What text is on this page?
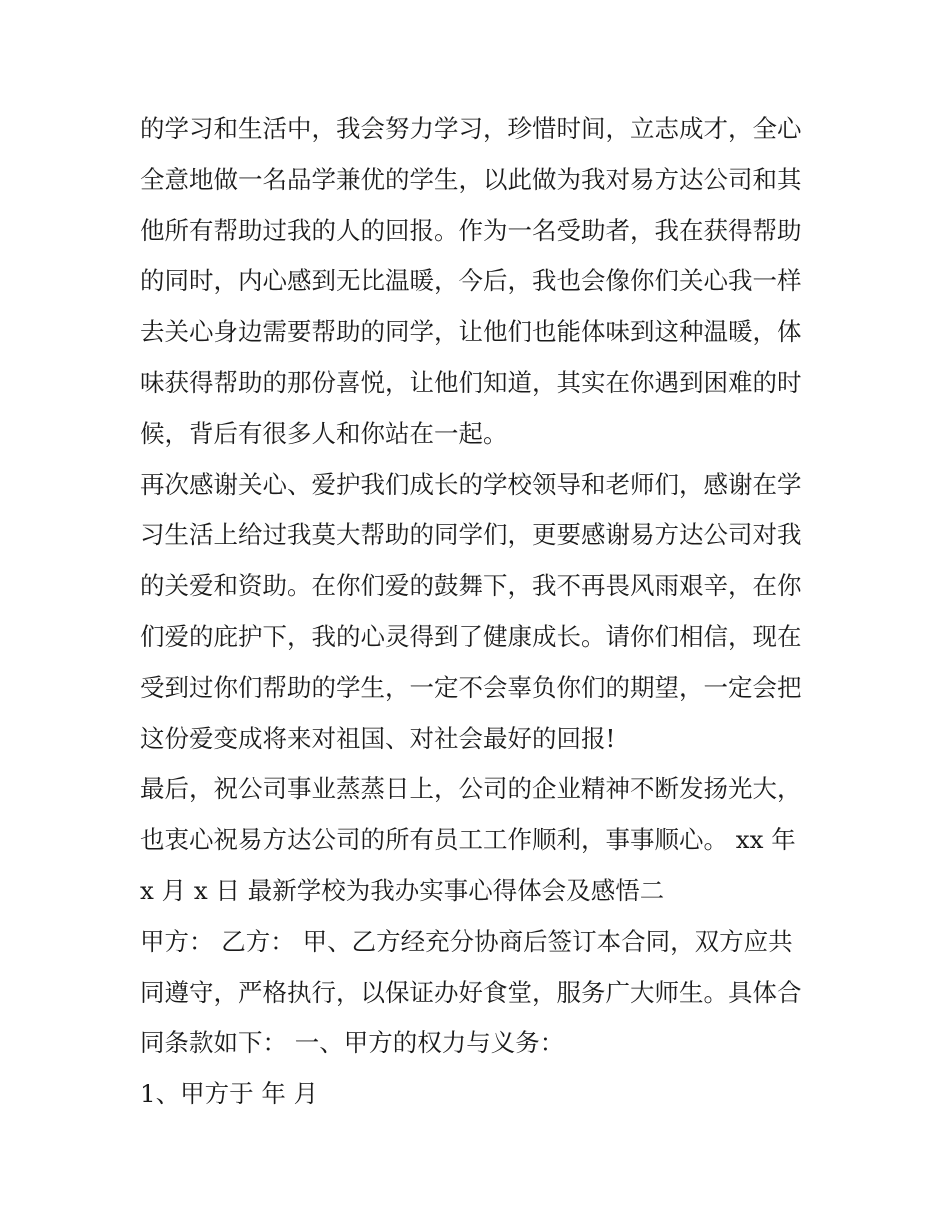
的学习和生活中，我会努力学习，珍惜时间，立志成才，全心
全意地做一名品学兼优的学生，以此做为我对易方达公司和其
他所有帮助过我的人的回报。作为一名受助者，我在获得帮助
的同时，内心感到无比温暖，今后，我也会像你们关心我一样
去关心身边需要帮助的同学，让他们也能体味到这种温暖，体
味获得帮助的那份喜悦，让他们知道，其实在你遇到困难的时
候，背后有很多人和你站在一起。
再次感谢关心、爱护我们成长的学校领导和老师们，感谢在学
习生活上给过我莫大帮助的同学们，更要感谢易方达公司对我
的关爱和资助。在你们爱的鼓舞下，我不再畏风雨艰辛，在你
们爱的庇护下，我的心灵得到了健康成长。请你们相信，现在
受到过你们帮助的学生，一定不会辜负你们的期望，一定会把
这份爱变成将来对祖国、对社会最好的回报!
最后，祝公司事业蒸蒸日上，公司的企业精神不断发扬光大，
也衷心祝易方达公司的所有员工工作顺利，事事顺心。 xx 年
x 月 x 日 最新学校为我办实事心得体会及感悟二
甲方： 乙方： 甲、乙方经充分协商后签订本合同，双方应共
同遵守，严格执行，以保证办好食堂，服务广大师生。具体合
同条款如下： 一、甲方的权力与义务：
1、甲方于 年 月
